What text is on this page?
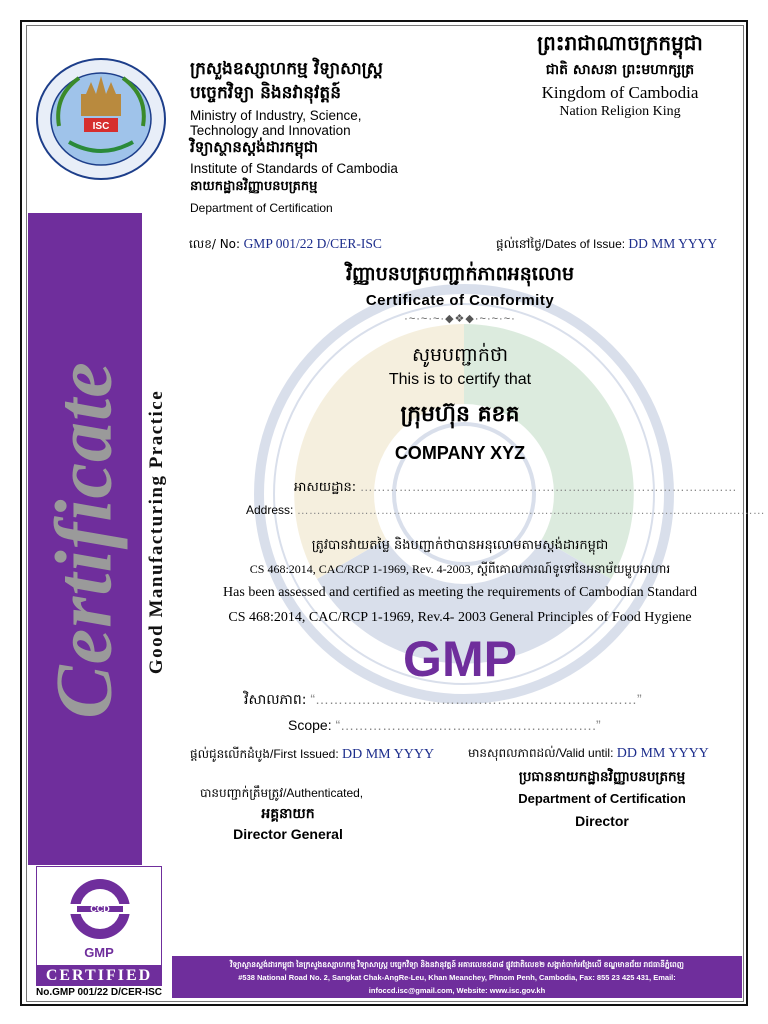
ISC
ក្រសួងឧស្សាហកម្ម វិទ្យាសាស្ត្រ
បច្ចេកវិទ្យា និងនវានុវត្តន៍
Ministry of Industry, Science,
Technology and Innovation
វិទ្យាស្ថានស្តង់ដារកម្ពុជា
Institute of Standards of Cambodia
នាយកដ្ឋានវិញ្ញាបនបត្រកម្ម
Department of Certification
ព្រះរាជាណាចក្រកម្ពុជា
ជាតិ សាសនា ព្រះមហាក្សត្រ
Kingdom of Cambodia
Nation Religion King
លេខ/ No: GMP 001/22 D/CER-ISC	ផ្តល់នៅថ្ងៃ/Dates of Issue: DD MM YYYY
វិញ្ញាបនបត្របញ្ជាក់ភាពអនុលោម
Certificate of Conformity
·~·~·~·◆❖◆·~·~·~·
សូមបញ្ជាក់ថា
This is to certify that
ក្រុមហ៊ុន គខគ
COMPANY XYZ
អាសយដ្ឋាន: ……………………………………………………………………………
Address: ………………………………………………………………………………………………………
ត្រូវបានវាយតម្លៃ និងបញ្ជាក់ថាបានអនុលោមតាមស្តង់ដារកម្ពុជា
CS 468:2014, CAC/RCP 1-1969, Rev. 4-2003, ស្តីពីគោលការណ៍ទូទៅនៃអនាម័យម្ហូបអាហារ
Has been assessed and certified as meeting the requirements of Cambodian Standard
CS 468:2014, CAC/RCP 1-1969, Rev.4- 2003 General Principles of Food Hygiene
GMP
វិសាលភាព: “……………………………………………………………”
Scope: “……………………………………………….”
ផ្តល់ជូនលើកដំបូង/First Issued: DD MM YYYY	មានសុពលភាពដល់/Valid until: DD MM YYYY
បានបញ្ជាក់ត្រឹមត្រូវ/Authenticated,
អគ្គនាយក
Director General
ប្រធាននាយកដ្ឋានវិញ្ញាបនបត្រកម្ម
Department of Certification
Director
Certificate Good Manufacturing Practice
CCD
GMP
CERTIFIED
No.GMP 001/22 D/CER-ISC
វិទ្យាស្ថានស្តង់ដារកម្ពុជា នៃក្រសួងឧស្សាហកម្ម វិទ្យាសាស្ត្រ បច្ចេកវិទ្យា និងនវានុវត្តន៍ អគារលេខ៥៣៨ ផ្លូវជាតិលេខ២ សង្កាត់ចាក់អង្រែលើ ខណ្ឌមានជ័យ រាជធានីភ្នំពេញ
#538 National Road No. 2, Sangkat Chak-AngRe-Leu, Khan Meanchey, Phnom Penh, Cambodia, Fax: 855 23 425 431, Email:
infoccd.isc@gmail.com, Website: www.isc.gov.kh
